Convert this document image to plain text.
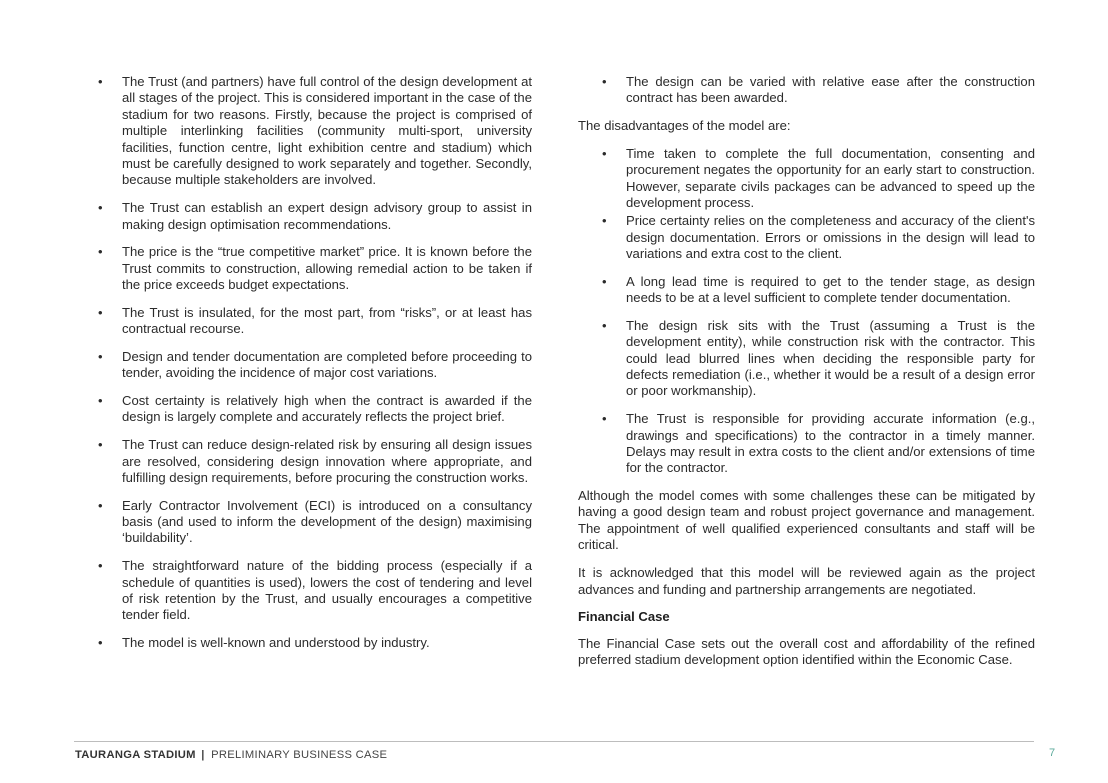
• The Trust (and partners) have full control of the design development at all stages of the project. This is considered important in the case of the stadium for two reasons. Firstly, because the project is comprised of multiple interlinking facilities (community multi-sport, university facilities, function centre, light exhibition centre and stadium) which must be carefully designed to work separately and together. Secondly, because multiple stakeholders are involved.
• The Trust can establish an expert design advisory group to assist in making design optimisation recommendations.
• The price is the “true competitive market” price. It is known before the Trust commits to construction, allowing remedial action to be taken if the price exceeds budget expectations.
• The Trust is insulated, for the most part, from “risks”, or at least has contractual recourse.
• Design and tender documentation are completed before proceeding to tender, avoiding the incidence of major cost variations.
• Cost certainty is relatively high when the contract is awarded if the design is largely complete and accurately reflects the project brief.
• The Trust can reduce design-related risk by ensuring all design issues are resolved, considering design innovation where appropriate, and fulfilling design requirements, before procuring the construction works.
• Early Contractor Involvement (ECI) is introduced on a consultancy basis (and used to inform the development of the design) maximising ‘buildability’.
• The straightforward nature of the bidding process (especially if a schedule of quantities is used), lowers the cost of tendering and level of risk retention by the Trust, and usually encourages a competitive tender field.
• The model is well-known and understood by industry.
• The design can be varied with relative ease after the construction contract has been awarded.

The disadvantages of the model are:

• Time taken to complete the full documentation, consenting and procurement negates the opportunity for an early start to construction. However, separate civils packages can be advanced to speed up the development process.
• Price certainty relies on the completeness and accuracy of the client's design documentation. Errors or omissions in the design will lead to variations and extra cost to the client.
• A long lead time is required to get to the tender stage, as design needs to be at a level sufficient to complete tender documentation.
• The design risk sits with the Trust (assuming a Trust is the development entity), while construction risk with the contractor. This could lead blurred lines when deciding the responsible party for defects remediation (i.e., whether it would be a result of a design error or poor workmanship).
• The Trust is responsible for providing accurate information (e.g., drawings and specifications) to the contractor in a timely manner. Delays may result in extra costs to the client and/or extensions of time for the contractor.

Although the model comes with some challenges these can be mitigated by having a good design team and robust project governance and management. The appointment of well qualified experienced consultants and staff will be critical.

It is acknowledged that this model will be reviewed again as the project advances and funding and partnership arrangements are negotiated.

Financial Case

The Financial Case sets out the overall cost and affordability of the refined preferred stadium development option identified within the Economic Case.

TAURANGA STADIUM | PRELIMINARY BUSINESS CASE	7
